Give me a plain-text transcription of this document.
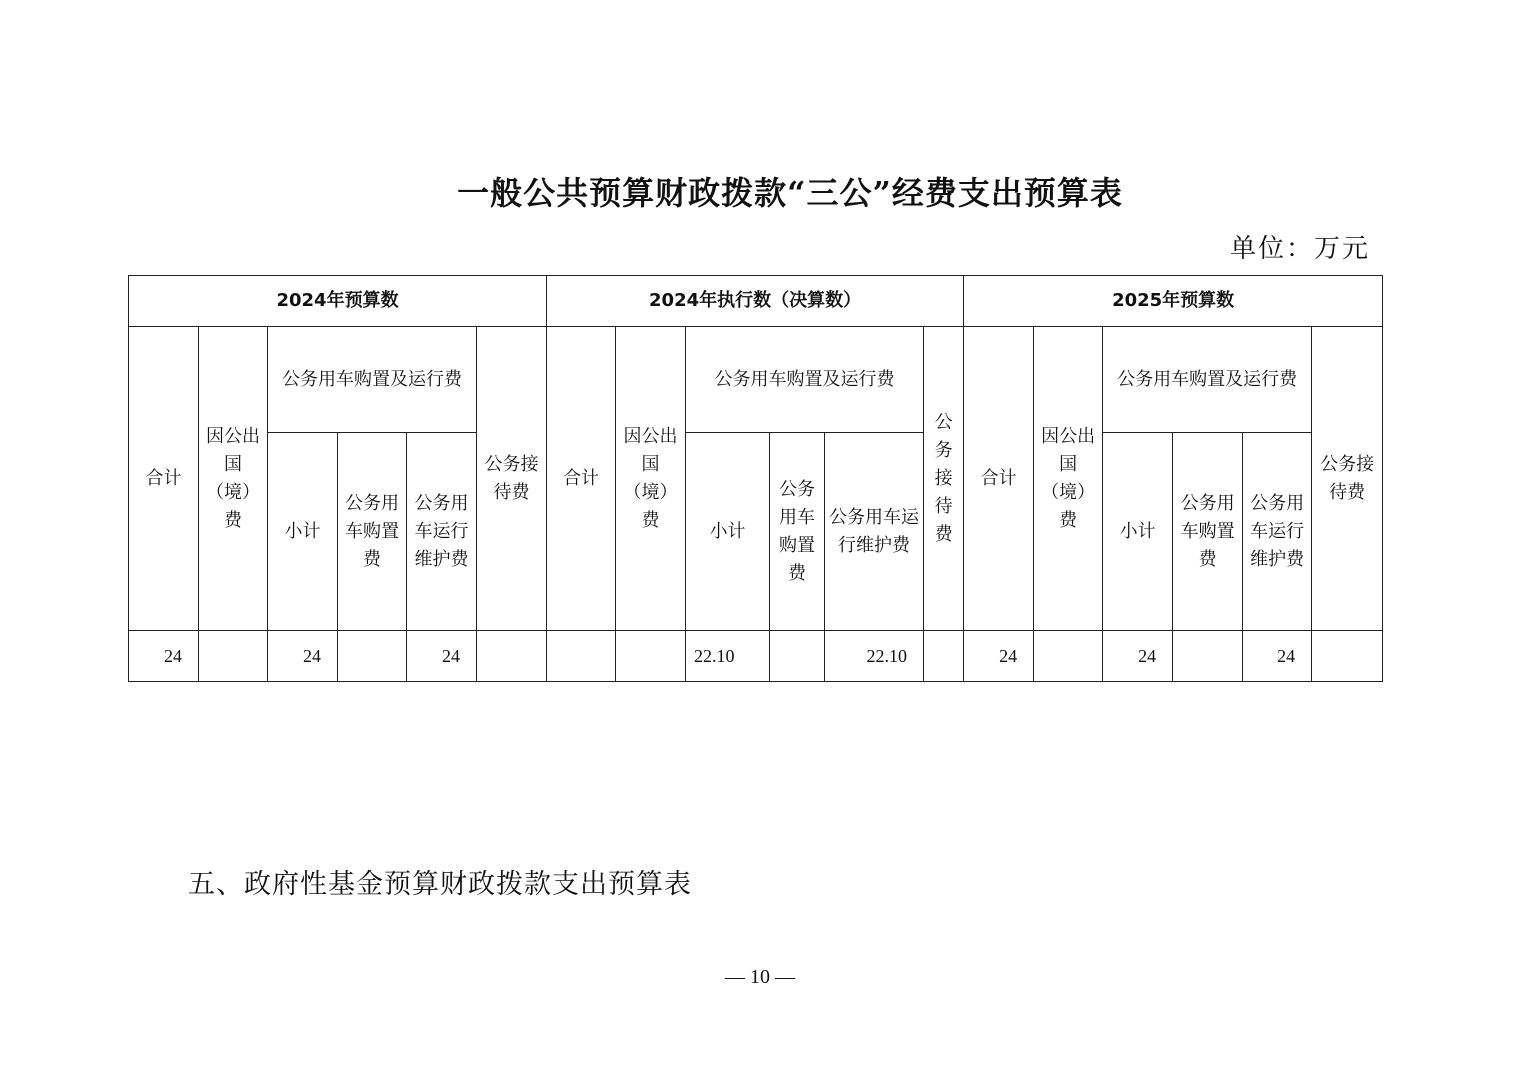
一般公共预算财政拨款“三公”经费支出预算表
单位：万元
2024年预算数						2024年执行数（决算数）						2025年预算数					
合计	因公出国（境）费	公务用车购置及运行费			公务接待费	合计	因公出国（境）费	公务用车购置及运行费			公务接待费	合计	因公出国（境）费	公务用车购置及运行费			公务接待费
		小计	公务用车购置费	公务用车运行维护费				小计	公务用车购置费	公务用车运行维护费				小计	公务用车购置费	公务用车运行维护费	
24		24		24				22.10		22.10		24		24		24	
五、政府性基金预算财政拨款支出预算表
— 10 —
